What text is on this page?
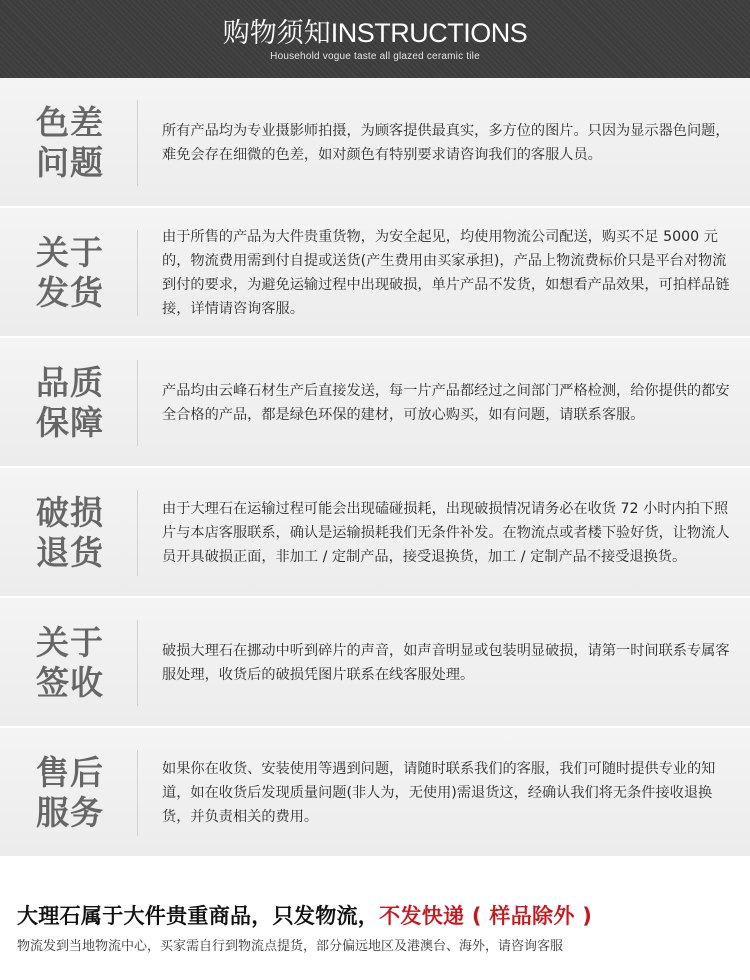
购物须知INSTRUCTIONS
Household vogue taste all glazed ceramic tile
色差
问题
所有产品均为专业摄影师拍摄，为顾客提供最真实，多方位的图片。只因为显示器色问题，难免会存在细微的色差，如对颜色有特别要求请咨询我们的客服人员。
关于
发货
由于所售的产品为大件贵重货物，为安全起见，均使用物流公司配送，购买不足 5000 元的，物流费用需到付自提或送货(产生费用由买家承担)，产品上物流费标价只是平台对物流到付的要求，为避免运输过程中出现破损，单片产品不发货，如想看产品效果，可拍样品链接，详情请咨询客服。
品质
保障
产品均由云峰石材生产后直接发送，每一片产品都经过之间部门严格检测，给你提供的都安全合格的产品，都是绿色环保的建材，可放心购买，如有问题，请联系客服。
破损
退货
由于大理石在运输过程可能会出现磕碰损耗，出现破损情况请务必在收货 72 小时内拍下照片与本店客服联系，确认是运输损耗我们无条件补发。在物流点或者楼下验好货，让物流人员开具破损正面，非加工 / 定制产品，接受退换货，加工 / 定制产品不接受退换货。
关于
签收
破损大理石在挪动中听到碎片的声音，如声音明显或包装明显破损，请第一时间联系专属客服处理，收货后的破损凭图片联系在线客服处理。
售后
服务
如果你在收货、安装使用等遇到问题，请随时联系我们的客服，我们可随时提供专业的知道，如在收货后发现质量问题(非人为，无使用)需退货这，经确认我们将无条件接收退换货，并负责相关的费用。
大理石属于大件贵重商品，只发物流，不发快递 ( 样品除外 )
物流发到当地物流中心，买家需自行到物流点提货，部分偏远地区及港澳台、海外，请咨询客服
